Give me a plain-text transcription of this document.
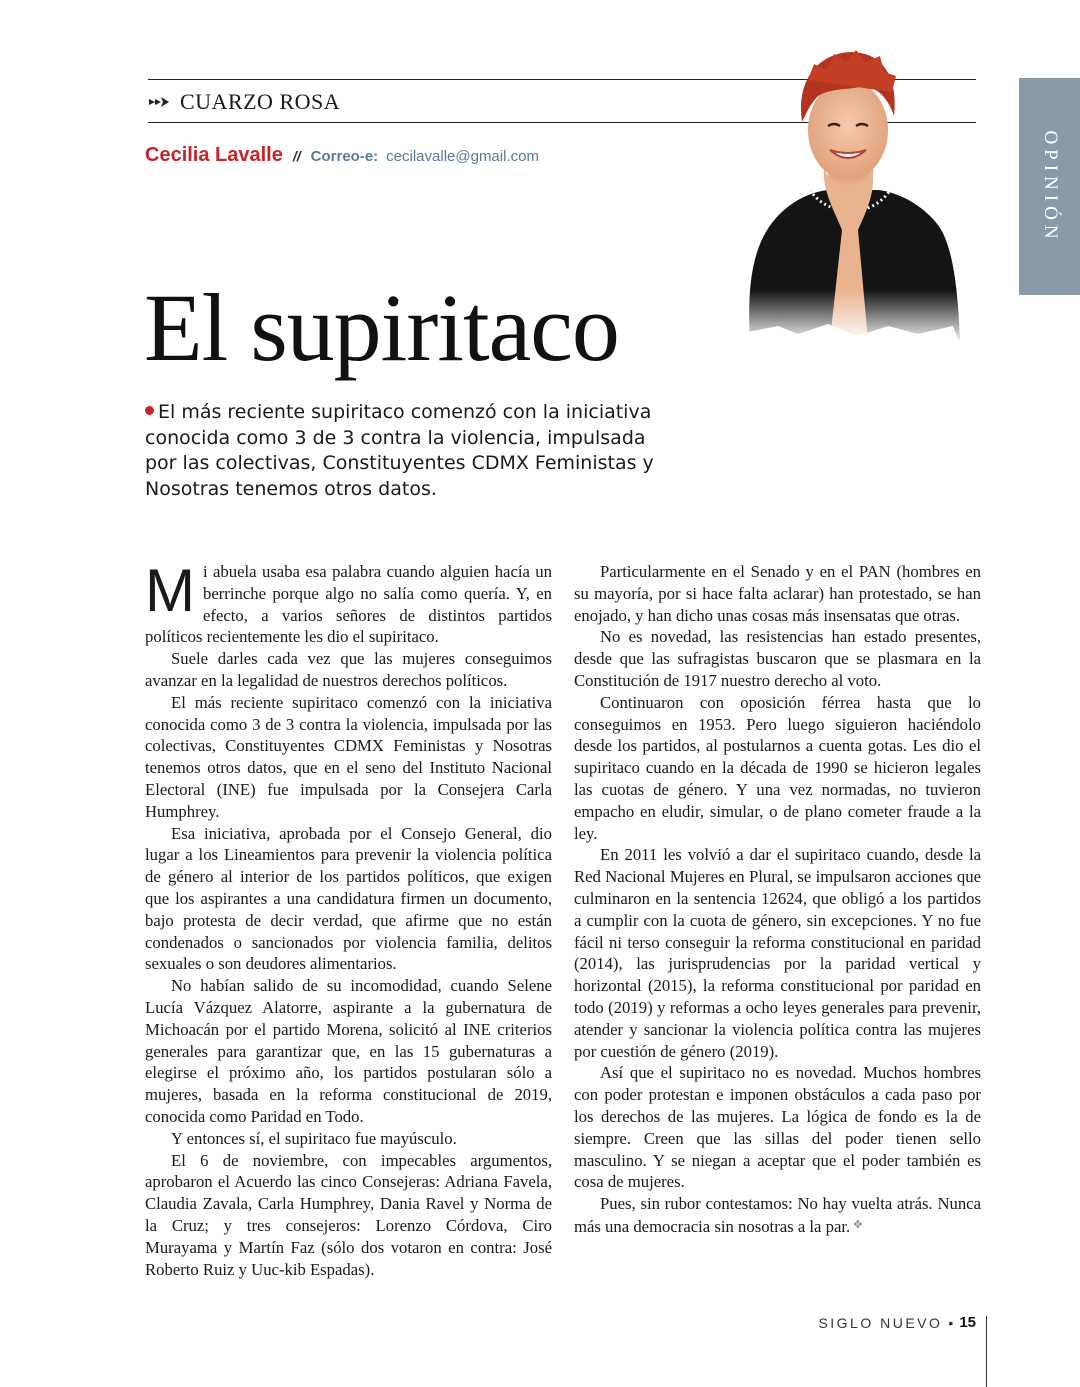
CUARZO ROSA
Cecilia Lavalle // Correo-e: cecilavalle@gmail.com	OPINIÓN
El supiritaco
El más reciente supiritaco comenzó con la iniciativa conocida como 3 de 3 contra la violencia, impulsada por las colectivas, Constituyentes CDMX Feministas y Nosotras tenemos otros datos.

Mi abuela usaba esa palabra cuando alguien hacía un berrinche porque algo no salía como quería. Y, en efecto, a varios señores de distintos partidos políticos recientemente les dio el supiritaco.

Suele darles cada vez que las mujeres conseguimos avanzar en la legalidad de nuestros derechos políticos.

El más reciente supiritaco comenzó con la iniciativa conocida como 3 de 3 contra la violencia, impulsada por las colectivas, Constituyentes CDMX Feministas y Nosotras tenemos otros datos, que en el seno del Instituto Nacional Electoral (INE) fue impulsada por la Consejera Carla Humphrey.

Esa iniciativa, aprobada por el Consejo General, dio lugar a los Lineamientos para prevenir la violencia política de género al interior de los partidos políticos, que exigen que los aspirantes a una candidatura firmen un documento, bajo protesta de decir verdad, que afirme que no están condenados o sancionados por violencia familia, delitos sexuales o son deudores alimentarios.

No habían salido de su incomodidad, cuando Selene Lucía Vázquez Alatorre, aspirante a la gubernatura de Michoacán por el partido Morena, solicitó al INE criterios generales para garantizar que, en las 15 gubernaturas a elegirse el próximo año, los partidos postularan sólo a mujeres, basada en la reforma constitucional de 2019, conocida como Paridad en Todo.

Y entonces sí, el supiritaco fue mayúsculo.

El 6 de noviembre, con impecables argumentos, aprobaron el Acuerdo las cinco Consejeras: Adriana Favela, Claudia Zavala, Carla Humphrey, Dania Ravel y Norma de la Cruz; y tres consejeros: Lorenzo Córdova, Ciro Murayama y Martín Faz (sólo dos votaron en contra: José Roberto Ruiz y Uuc-kib Espadas).

Particularmente en el Senado y en el PAN (hombres en su mayoría, por si hace falta aclarar) han protestado, se han enojado, y han dicho unas cosas más insensatas que otras.

No es novedad, las resistencias han estado presentes, desde que las sufragistas buscaron que se plasmara en la Constitución de 1917 nuestro derecho al voto.

Continuaron con oposición férrea hasta que lo conseguimos en 1953. Pero luego siguieron haciéndolo desde los partidos, al postularnos a cuenta gotas. Les dio el supiritaco cuando en la década de 1990 se hicieron legales las cuotas de género. Y una vez normadas, no tuvieron empacho en eludir, simular, o de plano cometer fraude a la ley.

En 2011 les volvió a dar el supiritaco cuando, desde la Red Nacional Mujeres en Plural, se impulsaron acciones que culminaron en la sentencia 12624, que obligó a los partidos a cumplir con la cuota de género, sin excepciones. Y no fue fácil ni terso conseguir la reforma constitucional en paridad (2014), las jurisprudencias por la paridad vertical y horizontal (2015), la reforma constitucional por paridad en todo (2019) y reformas a ocho leyes generales para prevenir, atender y sancionar la violencia política contra las mujeres por cuestión de género (2019).

Así que el supiritaco no es novedad. Muchos hombres con poder protestan e imponen obstáculos a cada paso por los derechos de las mujeres. La lógica de fondo es la de siempre. Creen que las sillas del poder tienen sello masculino. Y se niegan a aceptar que el poder también es cosa de mujeres.

Pues, sin rubor contestamos: No hay vuelta atrás. Nunca más una democracia sin nosotras a la par. ✥

SIGLO NUEVO • 15
